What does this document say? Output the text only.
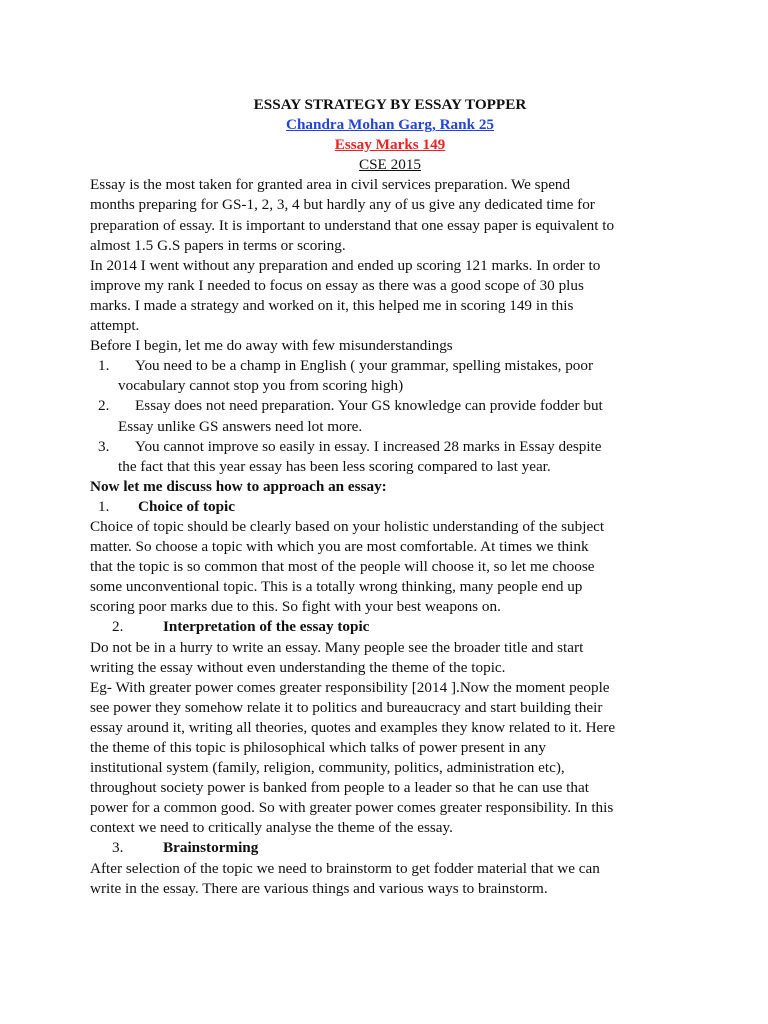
ESSAY STRATEGY BY ESSAY TOPPER
Chandra Mohan Garg, Rank 25
Essay Marks 149
CSE 2015
Essay is the most taken for granted area in civil services preparation. We spend
months preparing for GS-1, 2, 3, 4 but hardly any of us give any dedicated time for
preparation of essay. It is important to understand that one essay paper is equivalent to
almost 1.5 G.S papers in terms or scoring.
In 2014 I went without any preparation and ended up scoring 121 marks. In order to
improve my rank I needed to focus on essay as there was a good scope of 30 plus
marks. I made a strategy and worked on it, this helped me in scoring 149 in this
attempt.
Before I begin, let me do away with few misunderstandings
1.	You need to be a champ in English ( your grammar, spelling mistakes, poor
vocabulary cannot stop you from scoring high)
2.	Essay does not need preparation. Your GS knowledge can provide fodder but
Essay unlike GS answers need lot more.
3.	You cannot improve so easily in essay. I increased 28 marks in Essay despite
the fact that this year essay has been less scoring compared to last year.
Now let me discuss how to approach an essay:
1. Choice of topic
Choice of topic should be clearly based on your holistic understanding of the subject
matter. So choose a topic with which you are most comfortable. At times we think
that the topic is so common that most of the people will choose it, so let me choose
some unconventional topic. This is a totally wrong thinking, many people end up
scoring poor marks due to this. So fight with your best weapons on.
2.	Interpretation of the essay topic
Do not be in a hurry to write an essay. Many people see the broader title and start
writing the essay without even understanding the theme of the topic.
Eg- With greater power comes greater responsibility [2014 ].Now the moment people
see power they somehow relate it to politics and bureaucracy and start building their
essay around it, writing all theories, quotes and examples they know related to it. Here
the theme of this topic is philosophical which talks of power present in any
institutional system (family, religion, community, politics, administration etc),
throughout society power is banked from people to a leader so that he can use that
power for a common good. So with greater power comes greater responsibility. In this
context we need to critically analyse the theme of the essay.
3.	Brainstorming
After selection of the topic we need to brainstorm to get fodder material that we can
write in the essay. There are various things and various ways to brainstorm.
